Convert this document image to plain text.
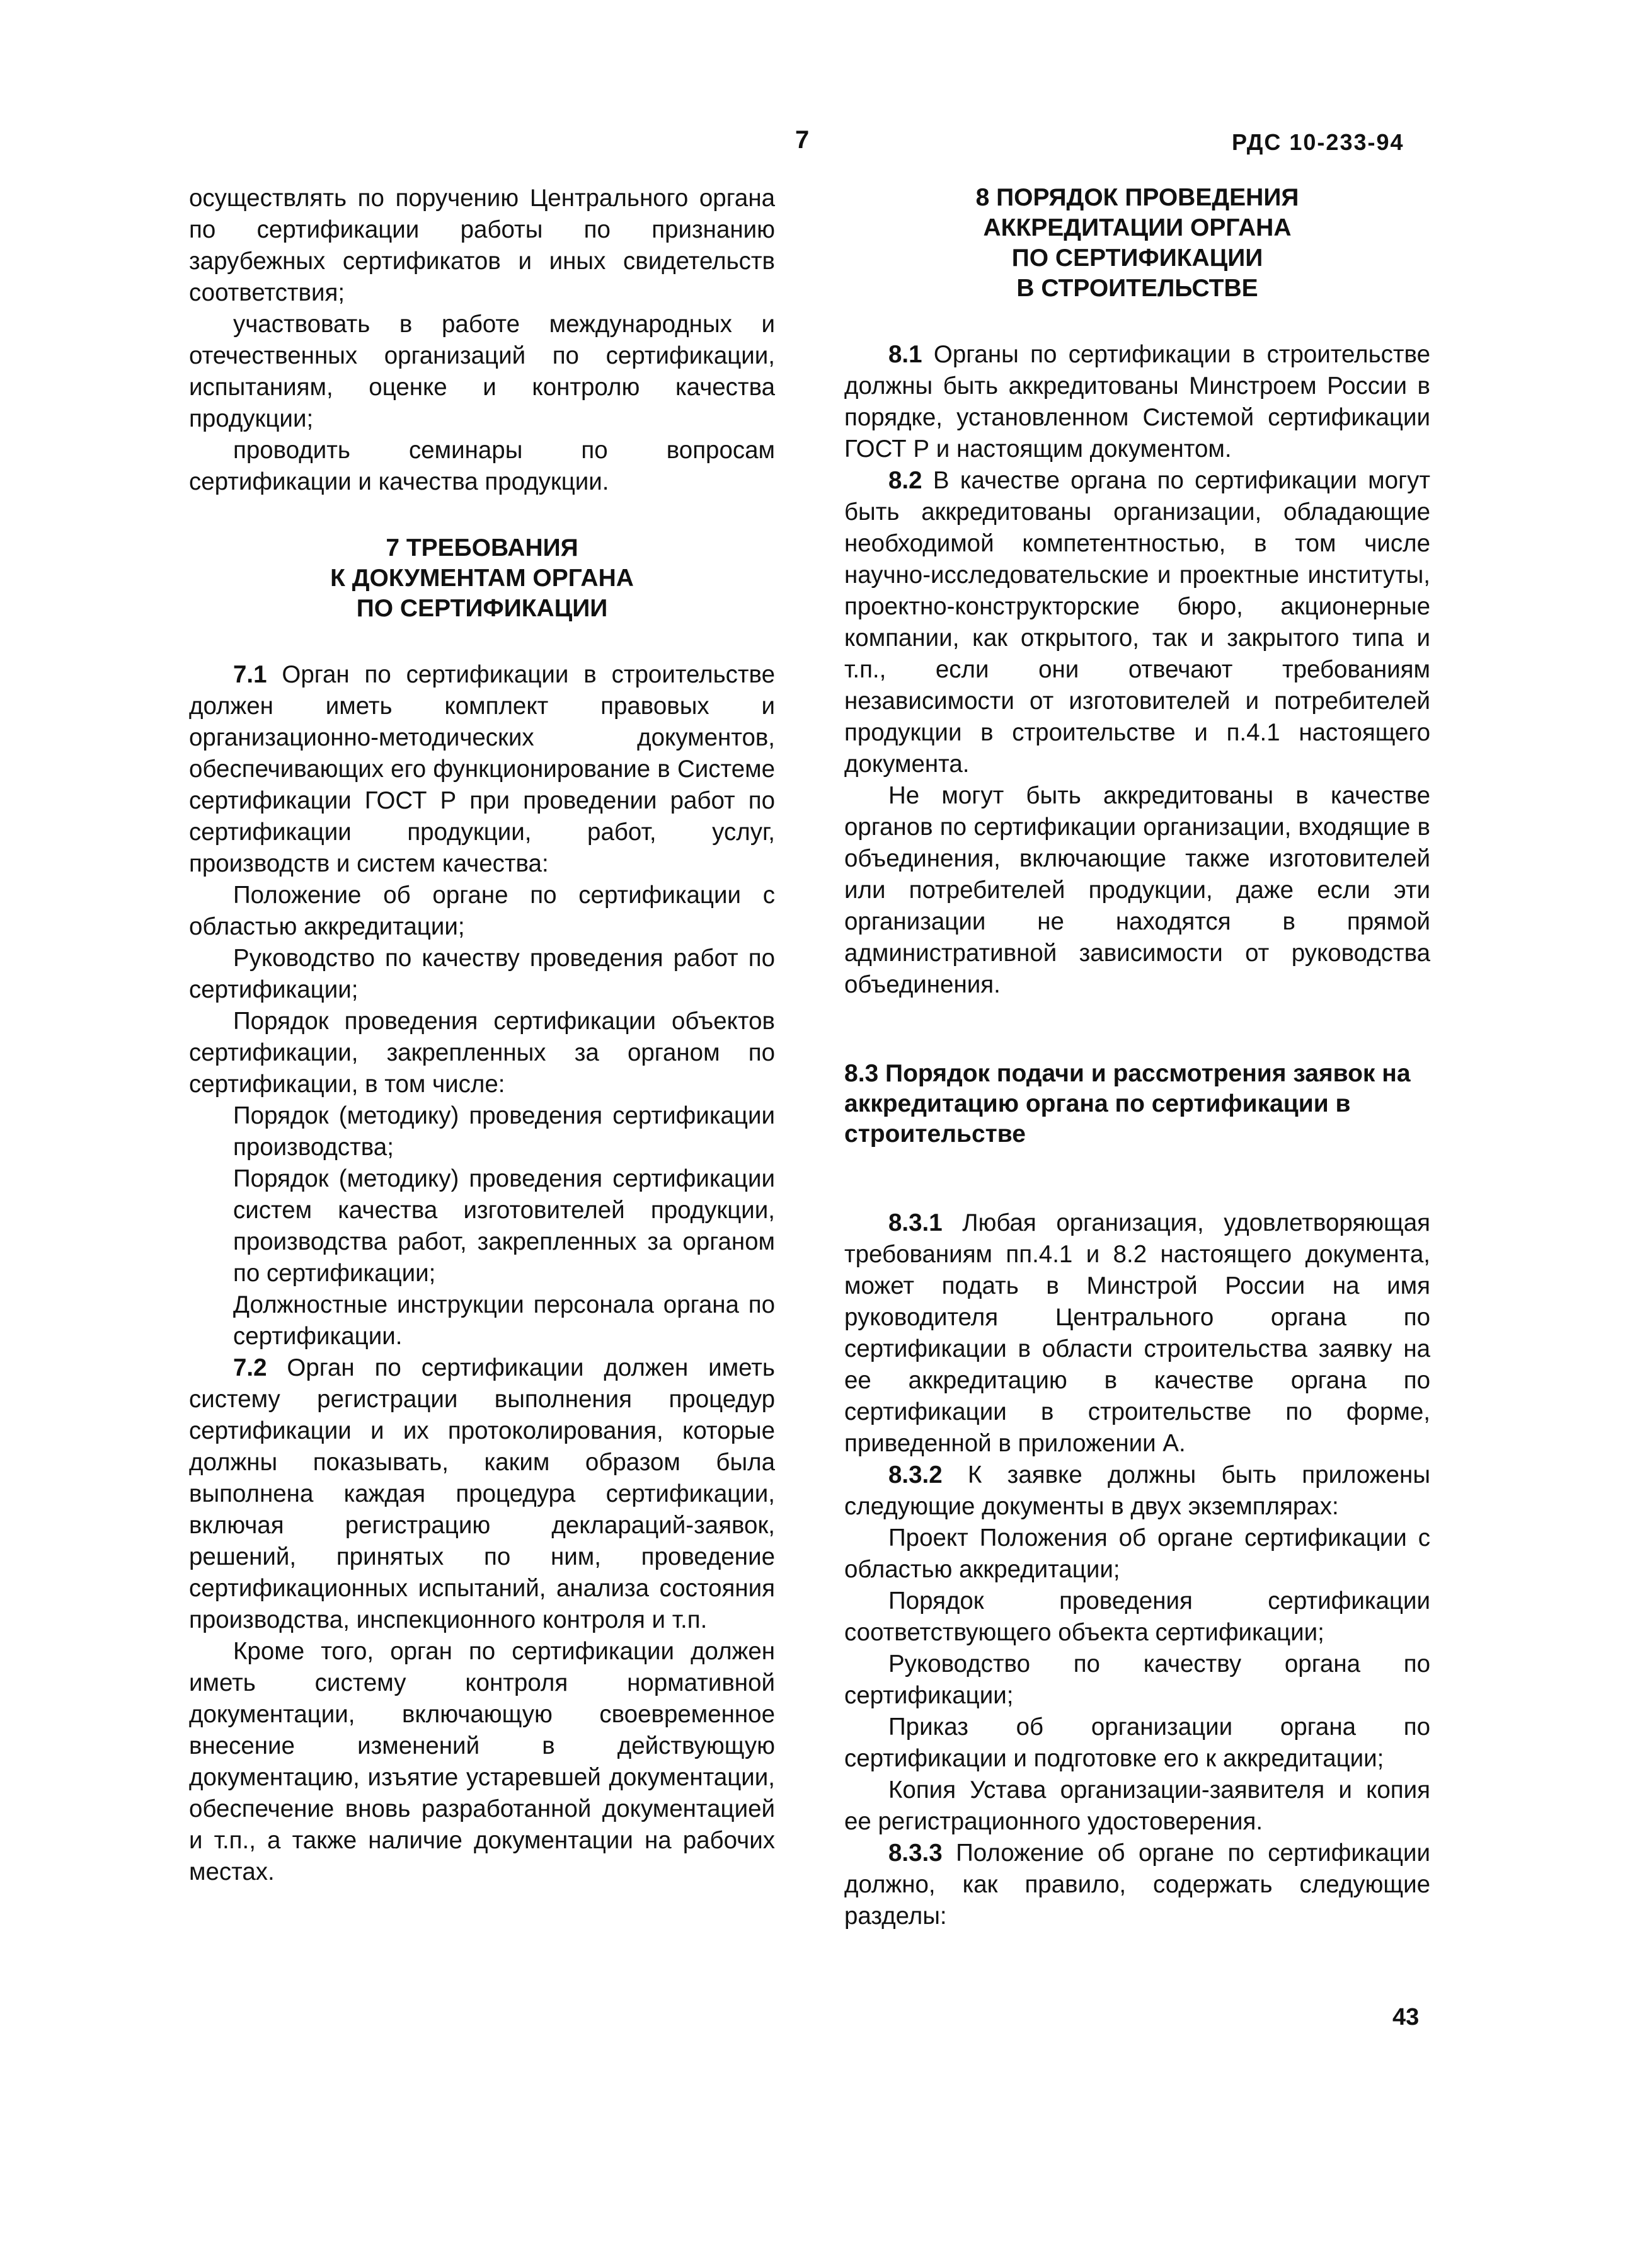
7	РДС 10-233-94

осуществлять по поручению Центрального органа по сертификации работы по признанию зарубежных сертификатов и иных свидетельств соответствия;

участвовать в работе международных и отечественных организаций по сертификации, испытаниям, оценке и контролю качества продукции;

проводить семинары по вопросам сертификации и качества продукции.

7 ТРЕБОВАНИЯ
К ДОКУМЕНТАМ ОРГАНА
ПО СЕРТИФИКАЦИИ

7.1 Орган по сертификации в строительстве должен иметь комплект правовых и организационно-методических документов, обеспечивающих его функционирование в Системе сертификации ГОСТ Р при проведении работ по сертификации продукции, работ, услуг, производств и систем качества:

Положение об органе по сертификации с областью аккредитации;

Руководство по качеству проведения работ по сертификации;

Порядок проведения сертификации объектов сертификации, закрепленных за органом по сертификации, в том числе:

Порядок (методику) проведения сертификации производства;

Порядок (методику) проведения сертификации систем качества изготовителей продукции, производства работ, закрепленных за органом по сертификации;

Должностные инструкции персонала органа по сертификации.

7.2 Орган по сертификации должен иметь систему регистрации выполнения процедур сертификации и их протоколирования, которые должны показывать, каким образом была выполнена каждая процедура сертификации, включая регистрацию деклараций-заявок, решений, принятых по ним, проведение сертификационных испытаний, анализа состояния производства, инспекционного контроля и т.п.

Кроме того, орган по сертификации должен иметь систему контроля нормативной документации, включающую своевременное внесение изменений в действующую документацию, изъятие устаревшей документации, обеспечение вновь разработанной документацией и т.п., а также наличие документации на рабочих местах.

8 ПОРЯДОК ПРОВЕДЕНИЯ
АККРЕДИТАЦИИ ОРГАНА
ПО СЕРТИФИКАЦИИ
В СТРОИТЕЛЬСТВЕ

8.1 Органы по сертификации в строительстве должны быть аккредитованы Минстроем России в порядке, установленном Системой сертификации ГОСТ Р и настоящим документом.

8.2 В качестве органа по сертификации могут быть аккредитованы организации, обладающие необходимой компетентностью, в том числе научно-исследовательские и проектные институты, проектно-конструкторские бюро, акционерные компании, как открытого, так и закрытого типа и т.п., если они отвечают требованиям независимости от изготовителей и потребителей продукции в строительстве и п.4.1 настоящего документа.

Не могут быть аккредитованы в качестве органов по сертификации организации, входящие в объединения, включающие также изготовителей или потребителей продукции, даже если эти организации не находятся в прямой административной зависимости от руководства объединения.

8.3 Порядок подачи и рассмотрения заявок на аккредитацию органа по сертификации в строительстве

8.3.1 Любая организация, удовлетворяющая требованиям пп.4.1 и 8.2 настоящего документа, может подать в Минстрой России на имя руководителя Центрального органа по сертификации в области строительства заявку на ее аккредитацию в качестве органа по сертификации в строительстве по форме, приведенной в приложении А.

8.3.2 К заявке должны быть приложены следующие документы в двух экземплярах:

Проект Положения об органе сертификации с областью аккредитации;

Порядок проведения сертификации соответствующего объекта сертификации;

Руководство по качеству органа по сертификации;

Приказ об организации органа по сертификации и подготовке его к аккредитации;

Копия Устава организации-заявителя и копия ее регистрационного удостоверения.

8.3.3 Положение об органе по сертификации должно, как правило, содержать следующие разделы:

43
